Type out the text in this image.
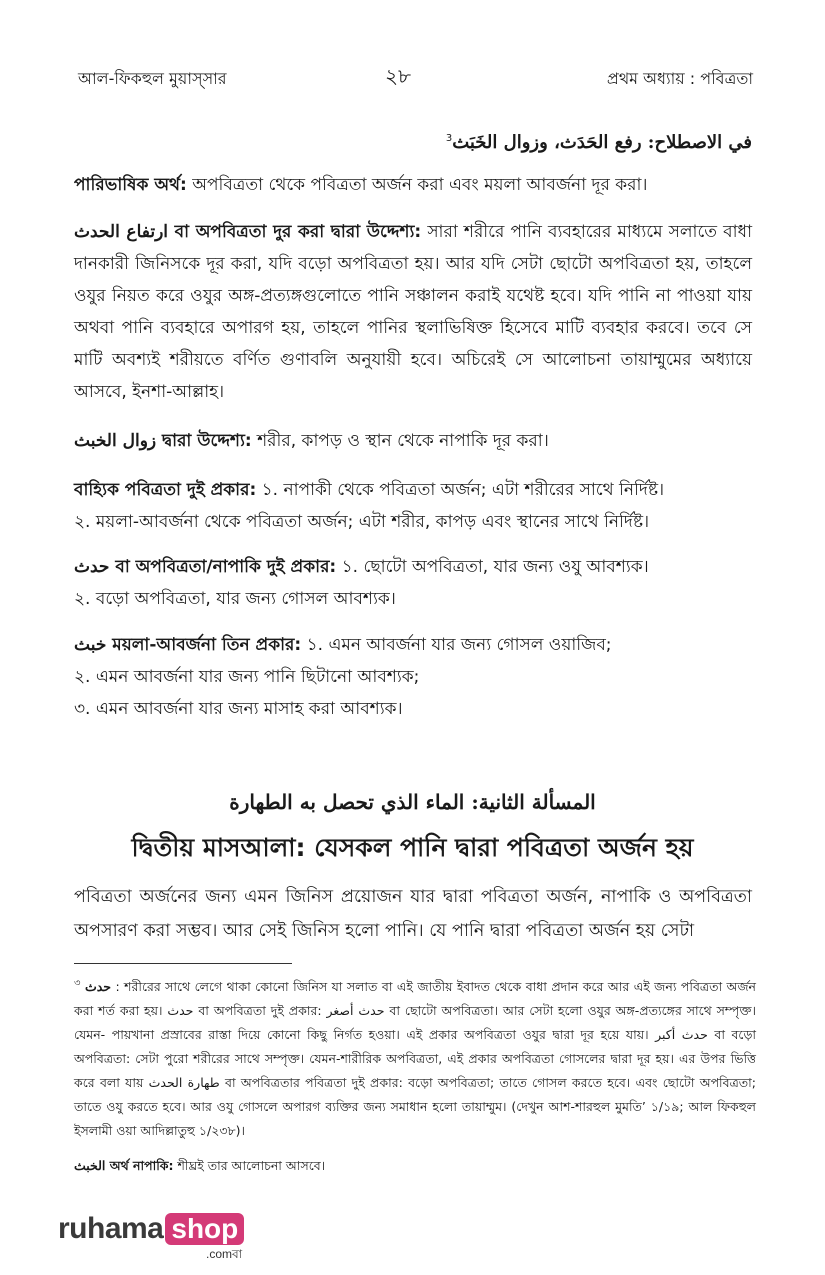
আল-ফিকহুল মুয়াস্‌সার	২৮	প্রথম অধ্যায় : পবিত্রতা
في الاصطلاح: رفع الحَدَث، وزوال الخَبَث$^3$
পারিভাষিক অর্থ: অপবিত্রতা থেকে পবিত্রতা অর্জন করা এবং ময়লা আবর্জনা দূর করা।
ارتفاع الحدث বা অপবিত্রতা দুর করা দ্বারা উদ্দেশ্য: সারা শরীরে পানি ব্যবহারের মাধ্যমে সলাতে বাধা দানকারী জিনিসকে দূর করা, যদি বড়ো অপবিত্রতা হয়। আর যদি সেটা ছোটো অপবিত্রতা হয়, তাহলে ওযুর নিয়ত করে ওযুর অঙ্গ-প্রত্যঙ্গগুলোতে পানি সঞ্চালন করাই যথেষ্ট হবে। যদি পানি না পাওয়া যায় অথবা পানি ব্যবহারে অপারগ হয়, তাহলে পানির স্থলাভিষিক্ত হিসেবে মাটি ব্যবহার করবে। তবে সে মাটি অবশ্যই শরীয়তে বর্ণিত গুণাবলি অনুযায়ী হবে। অচিরেই সে আলোচনা তায়াম্মুমের অধ্যায়ে আসবে, ইনশা-আল্লাহ।
زوال الخبث দ্বারা উদ্দেশ্য: শরীর, কাপড় ও স্থান থেকে নাপাকি দূর করা।
বাহ্যিক পবিত্রতা দুই প্রকার: ১. নাপাকী থেকে পবিত্রতা অর্জন; এটা শরীরের সাথে নির্দিষ্ট।
২. ময়লা-আবর্জনা থেকে পবিত্রতা অর্জন; এটা শরীর, কাপড় এবং স্থানের সাথে নির্দিষ্ট।
حدث বা অপবিত্রতা/নাপাকি দুই প্রকার: ১. ছোটো অপবিত্রতা, যার জন্য ওযু আবশ্যক।
২. বড়ো অপবিত্রতা, যার জন্য গোসল আবশ্যক।
خبث ময়লা-আবর্জনা তিন প্রকার: ১. এমন আবর্জনা যার জন্য গোসল ওয়াজিব;
২. এমন আবর্জনা যার জন্য পানি ছিটানো আবশ্যক;
৩. এমন আবর্জনা যার জন্য মাসাহ করা আবশ্যক।
المسألة الثانية: الماء الذي تحصل به الطهارة
দ্বিতীয় মাসআলা: যেসকল পানি দ্বারা পবিত্রতা অর্জন হয়
পবিত্রতা অর্জনের জন্য এমন জিনিস প্রয়োজন যার দ্বারা পবিত্রতা অর্জন, নাপাকি ও অপবিত্রতা অপসারণ করা সম্ভব। আর সেই জিনিস হলো পানি। যে পানি দ্বারা পবিত্রতা অর্জন হয় সেটা
$^৩$ حدث : শরীরের সাথে লেগে থাকা কোনো জিনিস যা সলাত বা এই জাতীয় ইবাদত থেকে বাধা প্রদান করে আর এই জন্য পবিত্রতা অর্জন করা শর্ত করা হয়। حدث বা অপবিত্রতা দুই প্রকার: حدث أصغر বা ছোটো অপবিত্রতা। আর সেটা হলো ওযুর অঙ্গ-প্রত্যঙ্গের সাথে সম্পৃক্ত। যেমন- পায়খানা প্রস্রাবের রাস্তা দিয়ে কোনো কিছু নির্গত হওয়া। এই প্রকার অপবিত্রতা ওযুর দ্বারা দূর হয়ে যায়। حدث أكبر বা বড়ো অপবিত্রতা: সেটা পুরো শরীরের সাথে সম্পৃক্ত। যেমন-শারীরিক অপবিত্রতা, এই প্রকার অপবিত্রতা গোসলের দ্বারা দূর হয়। এর উপর ভিত্তি করে বলা যায় طهارة الحدث বা অপবিত্রতার পবিত্রতা দুই প্রকার: বড়ো অপবিত্রতা; তাতে গোসল করতে হবে। এবং ছোটো অপবিত্রতা; তাতে ওযু করতে হবে। আর ওযু গোসলে অপারগ ব্যক্তির জন্য সমাধান হলো তায়াম্মুম। (দেখুন আশ-শারহুল মুমতি’ ১/১৯; আল ফিকহুল ইসলামী ওয়া আদিল্লাতুহু ১/২৩৮)।
الخبث অর্থ নাপাকি: শীঘ্রই তার আলোচনা আসবে।
ruhama shop
.comবা
